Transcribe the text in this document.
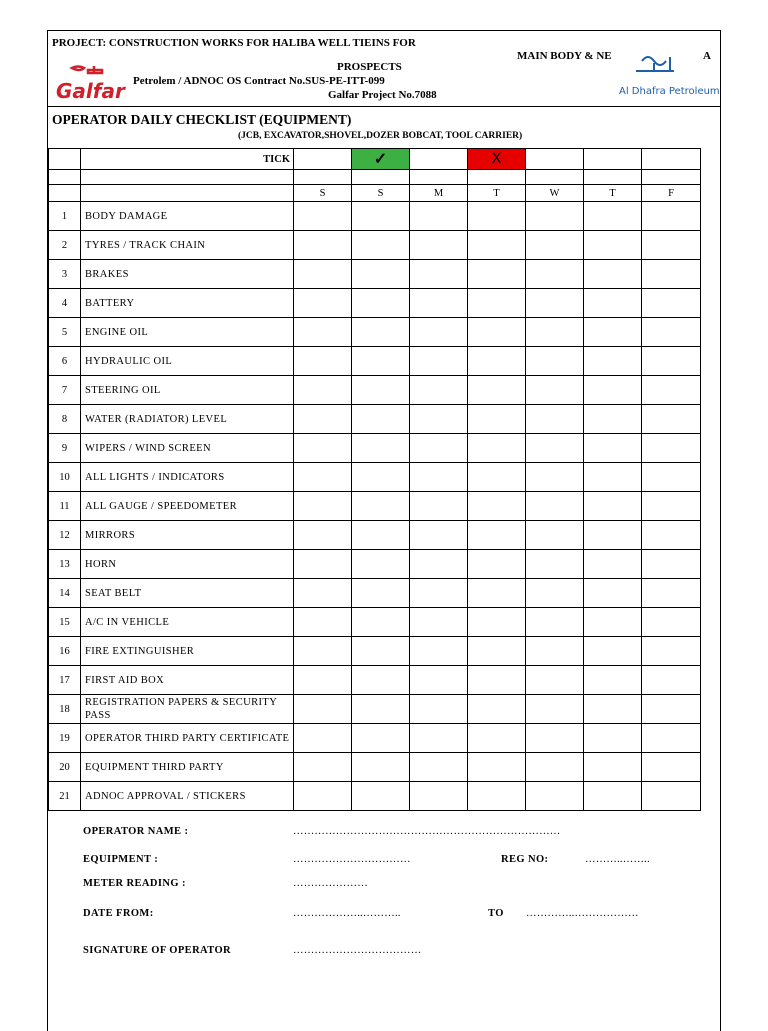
PROJECT: CONSTRUCTION WORKS FOR HALIBA WELL TIEINS FOR
MAIN BODY & NE	A
Galfar
PROSPECTS
Petrolem / ADNOC OS Contract No.SUS-PE-ITT-099
Galfar Project No.7088	Al Dhafra Petroleum
OPERATOR DAILY CHECKLIST (EQUIPMENT)
(JCB, EXCAVATOR,SHOVEL,DOZER BOBCAT, TOOL CARRIER)
	TICK		✓		X			

		S	S	M	T	W	T	F
1	BODY DAMAGE							
2	TYRES / TRACK CHAIN							
3	BRAKES							
4	BATTERY							
5	ENGINE OIL							
6	HYDRAULIC OIL							
7	STEERING OIL							
8	WATER (RADIATOR) LEVEL							
9	WIPERS / WIND SCREEN							
10	ALL LIGHTS / INDICATORS							
11	ALL GAUGE / SPEEDOMETER							
12	MIRRORS							
13	HORN							
14	SEAT BELT							
15	A/C IN VEHICLE							
16	FIRE EXTINGUISHER							
17	FIRST AID BOX							
18	REGISTRATION PAPERS & SECURITY PASS							
19	OPERATOR THIRD PARTY CERTIFICATE							
20	EQUIPMENT THIRD PARTY							
21	ADNOC APPROVAL / STICKERS							
OPERATOR NAME :	…………………………………………………………………
EQUIPMENT :	……………………………	REG NO:	………..……..
METER READING :	…………………
DATE FROM:	………………..………..	TO …………..………………
SIGNATURE OF OPERATOR	………………………………
